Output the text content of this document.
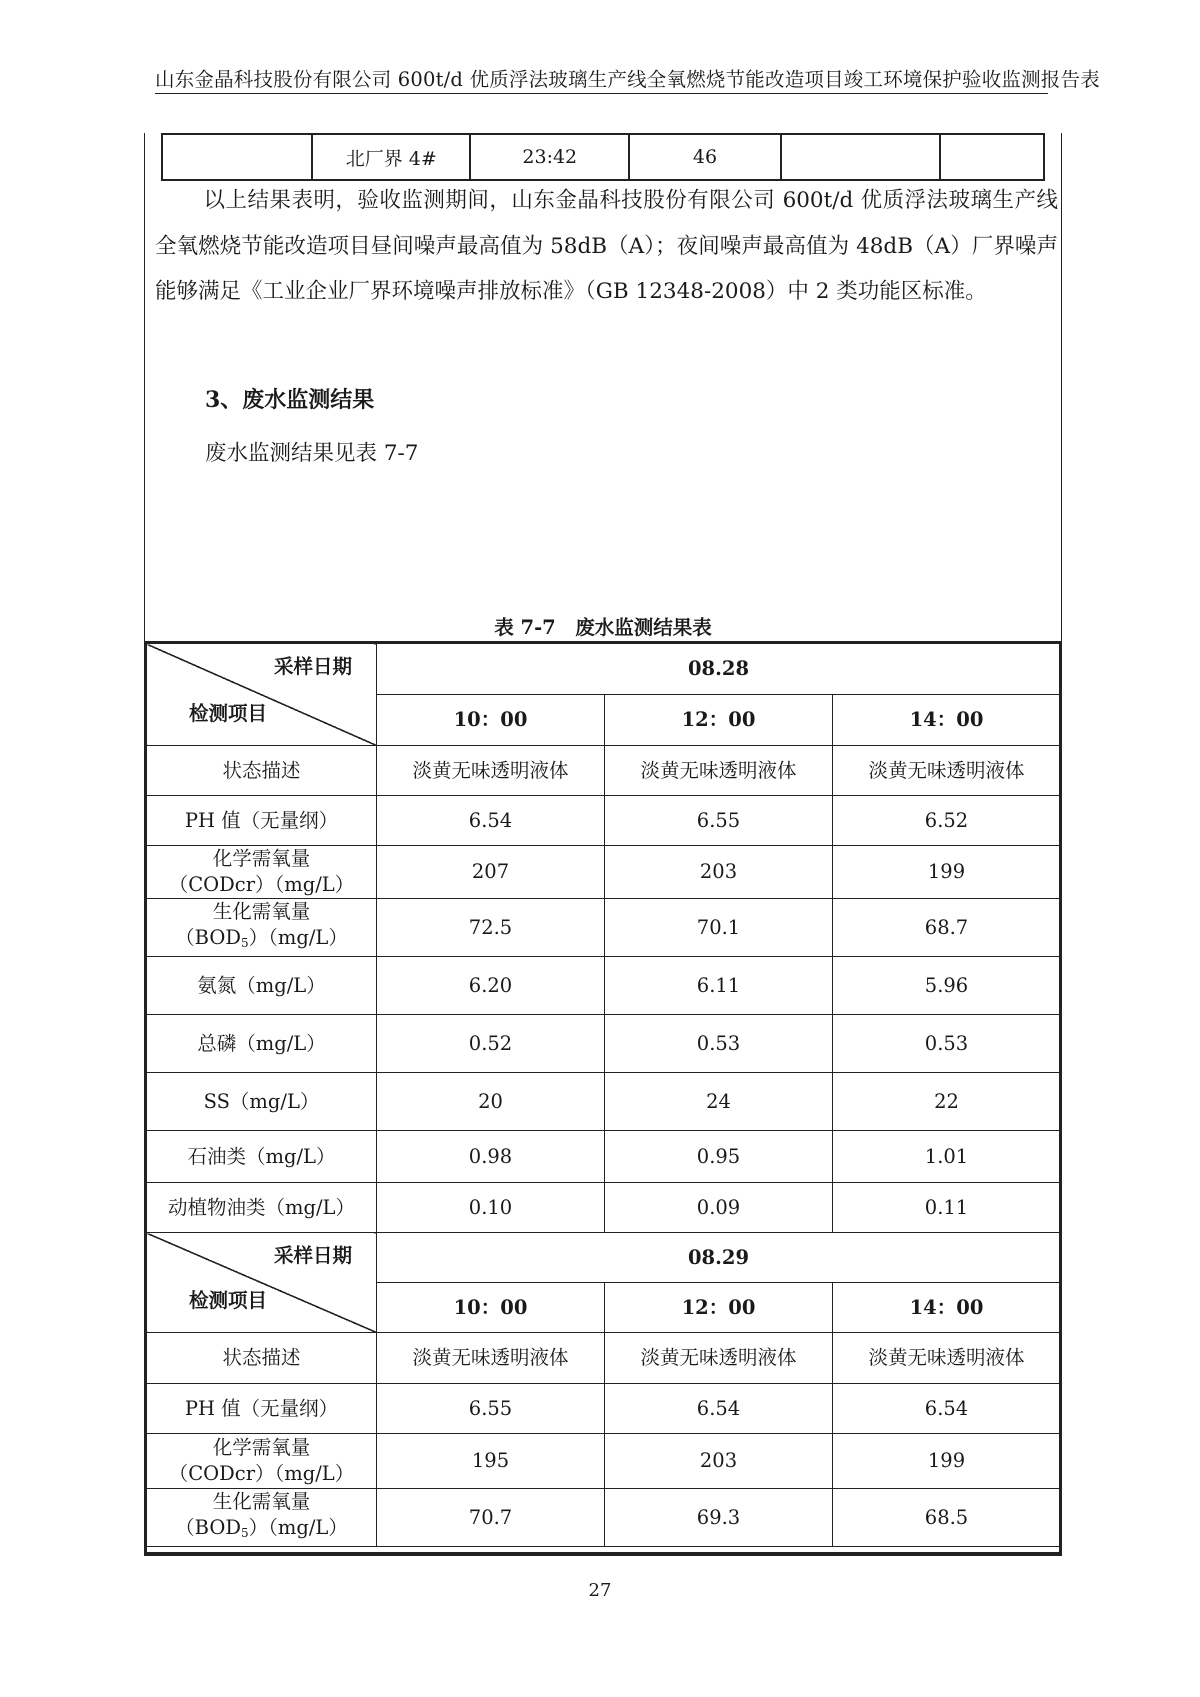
山东金晶科技股份有限公司 600t/d 优质浮法玻璃生产线全氧燃烧节能改造项目竣工环境保护验收监测报告表
	北厂界 4#	23:42	46		
以上结果表明，验收监测期间，山东金晶科技股份有限公司 600t/d 优质浮法玻璃生产线全氧燃烧节能改造项目昼间噪声最高值为 58dB（A）；夜间噪声最高值为 48dB（A）厂界噪声能够满足《工业企业厂界环境噪声排放标准》（GB 12348-2008）中 2 类功能区标准。
3、废水监测结果
废水监测结果见表 7-7
表 7-7　废水监测结果表
采样日期
检测项目	08.28		
	10：00	12：00	14：00
状态描述	淡黄无味透明液体	淡黄无味透明液体	淡黄无味透明液体
PH 值（无量纲）	6.54	6.55	6.52

化学需氧量
（CODcr）（mg/L）	207	203	199

生化需氧量
$(BOD_5)(mg/L)$	72.5	70.1	68.7
氨氮（mg/L）	6.20	6.11	5.96
总磷（mg/L）	0.52	0.53	0.53
SS（mg/L）	20	24	22
石油类（mg/L）	0.98	0.95	1.01
动植物油类（mg/L）	0.10	0.09	0.11

采样日期
检测项目	08.29		
	10：00	12：00	14：00
状态描述	淡黄无味透明液体	淡黄无味透明液体	淡黄无味透明液体
PH 值（无量纲）	6.55	6.54	6.54

化学需氧量
（CODcr）（mg/L）	195	203	199

生化需氧量
$(BOD_5)(mg/L)$	70.7	69.3	68.5
27
